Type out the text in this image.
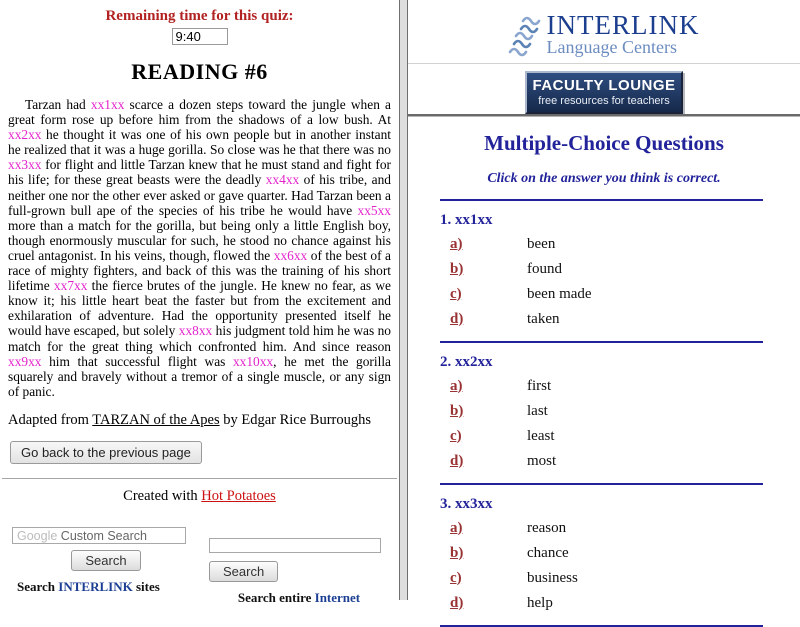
Remaining time for this quiz:
9:40
READING #6

Tarzan had xx1xx scarce a dozen steps toward the jungle when a great form rose up before him from the shadows of a low bush. At xx2xx he thought it was one of his own people but in another instant he realized that it was a huge gorilla. So close was he that there was no xx3xx for flight and little Tarzan knew that he must stand and fight for his life; for these great beasts were the deadly xx4xx of his tribe, and neither one nor the other ever asked or gave quarter. Had Tarzan been a full-grown bull ape of the species of his tribe he would have xx5xx more than a match for the gorilla, but being only a little English boy, though enormously muscular for such, he stood no chance against his cruel antagonist. In his veins, though, flowed the xx6xx of the best of a race of mighty fighters, and back of this was the training of his short lifetime xx7xx the fierce brutes of the jungle. He knew no fear, as we know it; his little heart beat the faster but from the excitement and exhilaration of adventure. Had the opportunity presented itself he would have escaped, but solely xx8xx his judgment told him he was no match for the great thing which confronted him. And since reason xx9xx him that successful flight was xx10xx, he met the gorilla squarely and bravely without a tremor of a single muscle, or any sign of panic.

Adapted from TARZAN of the Apes by Edgar Rice Burroughs

Go back to the previous page
Created with Hot Potatoes
Google Custom Search
Search
Search INTERLINK sites
Search
Search entire Internet
INTERLINK
Language Centers
FACULTY LOUNGE
free resources for teachers
Multiple-Choice Questions
Click on the answer you think is correct.
1. xx1xx
a)	been
b)	found
c)	been made
d)	taken
2. xx2xx
a)	first
b)	last
c)	least
d)	most
3. xx3xx
a)	reason
b)	chance
c)	business
d)	help
